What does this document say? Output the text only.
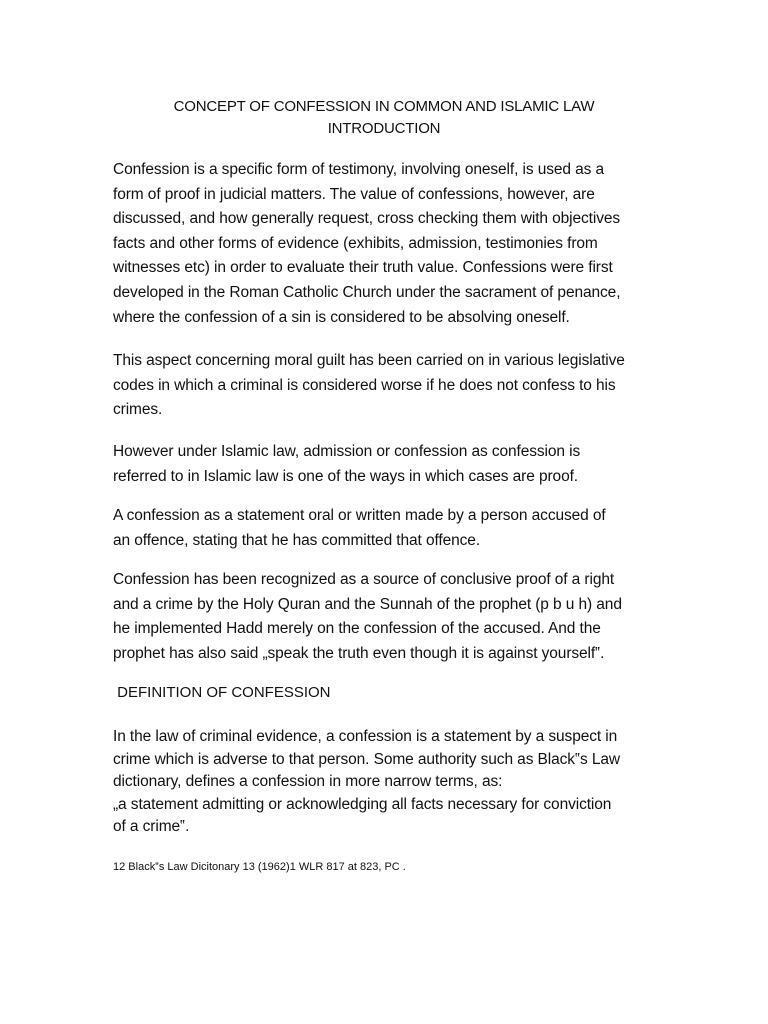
CONCEPT OF CONFESSION IN COMMON AND ISLAMIC LAW
INTRODUCTION
Confession is a specific form of testimony, involving oneself, is used as a
form of proof in judicial matters. The value of confessions, however, are
discussed, and how generally request, cross checking them with objectives
facts and other forms of evidence (exhibits, admission, testimonies from
witnesses etc) in order to evaluate their truth value. Confessions were first
developed in the Roman Catholic Church under the sacrament of penance,
where the confession of a sin is considered to be absolving oneself.
This aspect concerning moral guilt has been carried on in various legislative
codes in which a criminal is considered worse if he does not confess to his
crimes.
However under Islamic law, admission or confession as confession is
referred to in Islamic law is one of the ways in which cases are proof.
A confession as a statement oral or written made by a person accused of
an offence, stating that he has committed that offence.
Confession has been recognized as a source of conclusive proof of a right
and a crime by the Holy Quran and the Sunnah of the prophet (p b u h) and
he implemented Hadd merely on the confession of the accused. And the
prophet has also said „speak the truth even though it is against yourself‟.
DEFINITION OF CONFESSION
In the law of criminal evidence, a confession is a statement by a suspect in
crime which is adverse to that person. Some authority such as Black‟s Law
dictionary, defines a confession in more narrow terms, as:
„a statement admitting or acknowledging all facts necessary for conviction
of a crime‟.
12 Black‟s Law Dicitonary 13 (1962)1 WLR 817 at 823, PC .
